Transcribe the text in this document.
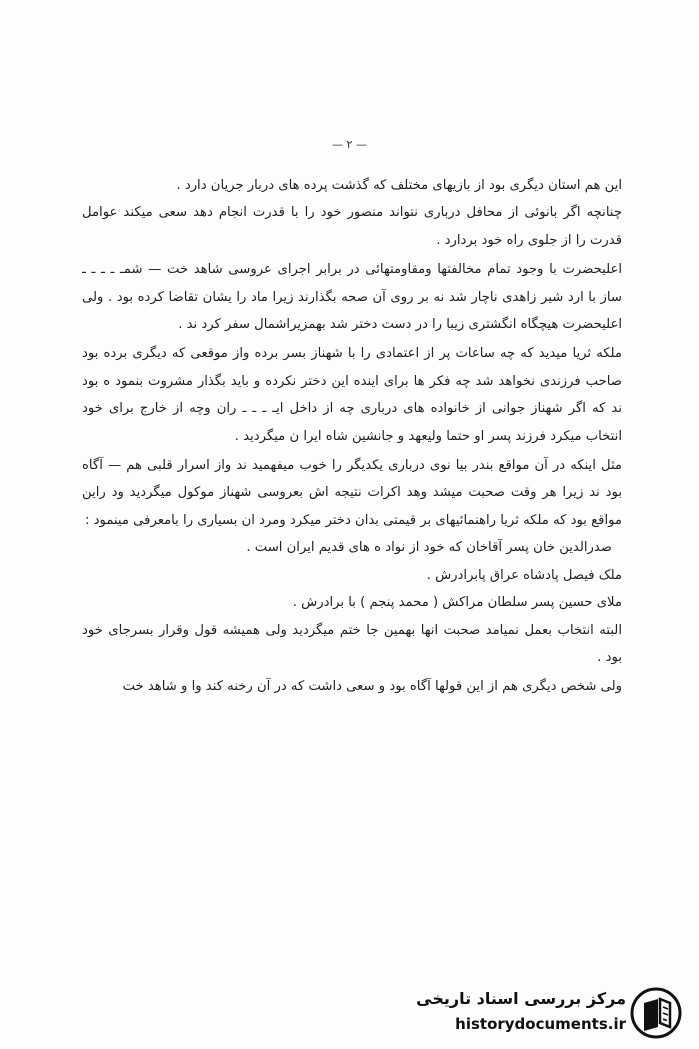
— ۲ —

این هم استان دیگری بود از بازیهای مختلف که گذشت پرده های دربار جریان دارد .

چنانچه اگر بانوئی از محافل درباری نتواند منصور خود را با قدرت انجام دهد سعی میکند عوامل قدرت را از جلوی راه خود بردارد .

اعلیحضرت با وجود تمام مخالفتها ومقاومتهائی در برابر اجرای عروسی شاهد خت — شمـ ـ ـ ـ ـ ساز با ارد شیر زاهدی ناچار شد نه بر روی آن صحه بگذارند زیرا ماد را یشان تقاضا کرده بود . ولی اعلیحضرت هیچگاه انگشتری زیبا را در دست دختر شد بهمزیراشمال سفر کرد ند .

ملکه ثریا میدید که چه ساعات پر از اعتمادی را با شهناز بسر برده واز موقعی که دیگری برده بود صاحب فرزندی نخواهد شد چه فکر ها برای اینده این دختر نکرده و باید بگذار مشروت بنمود ه بود ند که اگر شهناز جوانی از خانواده های درباری چه از داخل ایـ ـ ـ ـ ران وچه از خارج برای خود انتخاب میکرد فرزند پسر او حتما ولیعهد و جانشین شاه ایرا ن میگردید .

مثل اینکه در آن مواقع بندر بیا نوی درباری یکدیگر را خوب میفهمید ند واز اسرار قلبی هم — آگاه بود ند زیرا هر وقت صحبت میشد وهد اکرات نتیجه اش بعروسی شهناز موکول میگردید ود راین مواقع بود که ملکه ثریا راهنمائیهای بر قیمتی بدان دختر میکرد ومرد ان بسیاری را بامعرفی مینمود :

صدرالدین خان پسر آقاخان که خود از نواد ه های قدیم ایران است .

ملک فیصل پادشاه عراق پابرادرش .

ملای حسین پسر سلطان مراکش ( محمد پنجم ) با برادرش .

البته انتخاب بعمل نمیامد صحبت انها بهمین جا ختم میگردید ولی همیشه قول وقرار بسرجای خود بود .

ولی شخص دیگری هم از این قولها آگاه بود و سعی داشت که در آن رخنه کند وا و شاهد خت

مرکز بررسی اسناد تاریخی
historydocuments.ir
